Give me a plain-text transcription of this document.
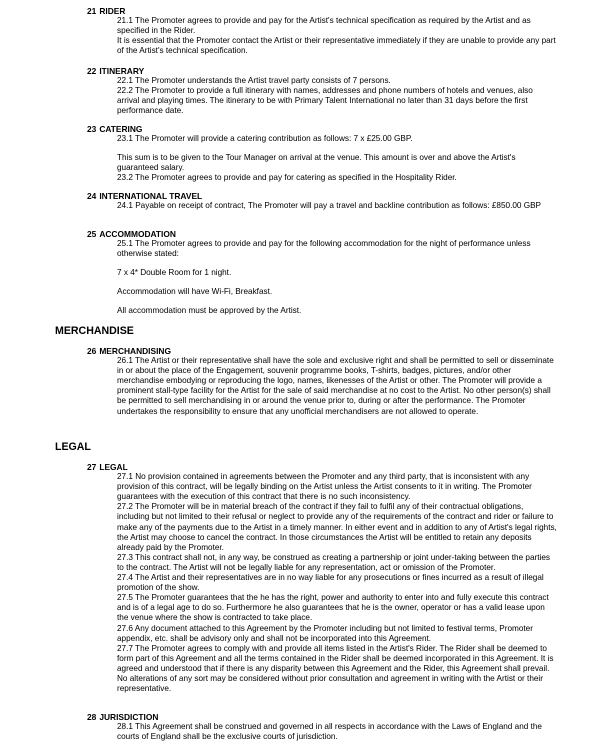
21 RIDER

21.1 The Promoter agrees to provide and pay for the Artist's technical specification as required by the Artist and as specified in the Rider.

It is essential that the Promoter contact the Artist or their representative immediately if they are unable to provide any part of the Artist's technical specification.

22 ITINERARY

22.1 The Promoter understands the Artist travel party consists of 7 persons.

22.2 The Promoter to provide a full itinerary with names, addresses and phone numbers of hotels and venues, also arrival and playing times. The itinerary to be with Primary Talent International no later than 31 days before the first performance date.

23 CATERING

23.1 The Promoter will provide a catering contribution as follows: 7 x £25.00 GBP.

This sum is to be given to the Tour Manager on arrival at the venue. This amount is over and above the Artist's guaranteed salary.

23.2 The Promoter agrees to provide and pay for catering as specified in the Hospitality Rider.

24 INTERNATIONAL TRAVEL

24.1 Payable on receipt of contract, The Promoter will pay a travel and backline contribution as follows: £850.00 GBP

25 ACCOMMODATION

25.1 The Promoter agrees to provide and pay for the following accommodation for the night of performance unless otherwise stated:

7 x 4* Double Room for 1 night.

Accommodation will have Wi-Fi, Breakfast.

All accommodation must be approved by the Artist.

MERCHANDISE
26 MERCHANDISING

26.1 The Artist or their representative shall have the sole and exclusive right and shall be permitted to sell or disseminate in or about the place of the Engagement, souvenir programme books, T-shirts, badges, pictures, and/or other merchandise embodying or reproducing the logo, names, likenesses of the Artist or other. The Promoter will provide a prominent stall-type facility for the Artist for the sale of said merchandise at no cost to the Artist. No other person(s) shall be permitted to sell merchandising in or around the venue prior to, during or after the performance. The Promoter undertakes the responsibility to ensure that any unofficial merchandisers are not allowed to operate.

LEGAL
27 LEGAL

27.1 No provision contained in agreements between the Promoter and any third party, that is inconsistent with any provision of this contract, will be legally binding on the Artist unless the Artist consents to it in writing. The Promoter guarantees with the execution of this contract that there is no such inconsistency.

27.2 The Promoter will be in material breach of the contract if they fail to fulfil any of their contractual obligations, including but not limited to their refusal or neglect to provide any of the requirements of the contract and rider or failure to make any of the payments due to the Artist in a timely manner. In either event and in addition to any of Artist's legal rights, the Artist may choose to cancel the contract. In those circumstances the Artist will be entitled to retain any deposits already paid by the Promoter.

27.3 This contract shall not, in any way, be construed as creating a partnership or joint under-taking between the parties to the contract. The Artist will not be legally liable for any representation, act or omission of the Promoter.

27.4 The Artist and their representatives are in no way liable for any prosecutions or fines incurred as a result of illegal promotion of the show.

27.5 The Promoter guarantees that the he has the right, power and authority to enter into and fully execute this contract and is of a legal age to do so. Furthermore he also guarantees that he is the owner, operator or has a valid lease upon the venue where the show is contracted to take place.

27.6 Any document attached to this Agreement by the Promoter including but not limited to festival terms, Promoter appendix, etc. shall be advisory only and shall not be incorporated into this Agreement.

27.7 The Promoter agrees to comply with and provide all items listed in the Artist's Rider. The Rider shall be deemed to form part of this Agreement and all the terms contained in the Rider shall be deemed incorporated in this Agreement. It is agreed and understood that if there is any disparity between this Agreement and the Rider, this Agreement shall prevail. No alterations of any sort may be considered without prior consultation and agreement in writing with the Artist or their representative.

28 JURISDICTION

28.1 This Agreement shall be construed and governed in all respects in accordance with the Laws of England and the courts of England shall be the exclusive courts of jurisdiction.
